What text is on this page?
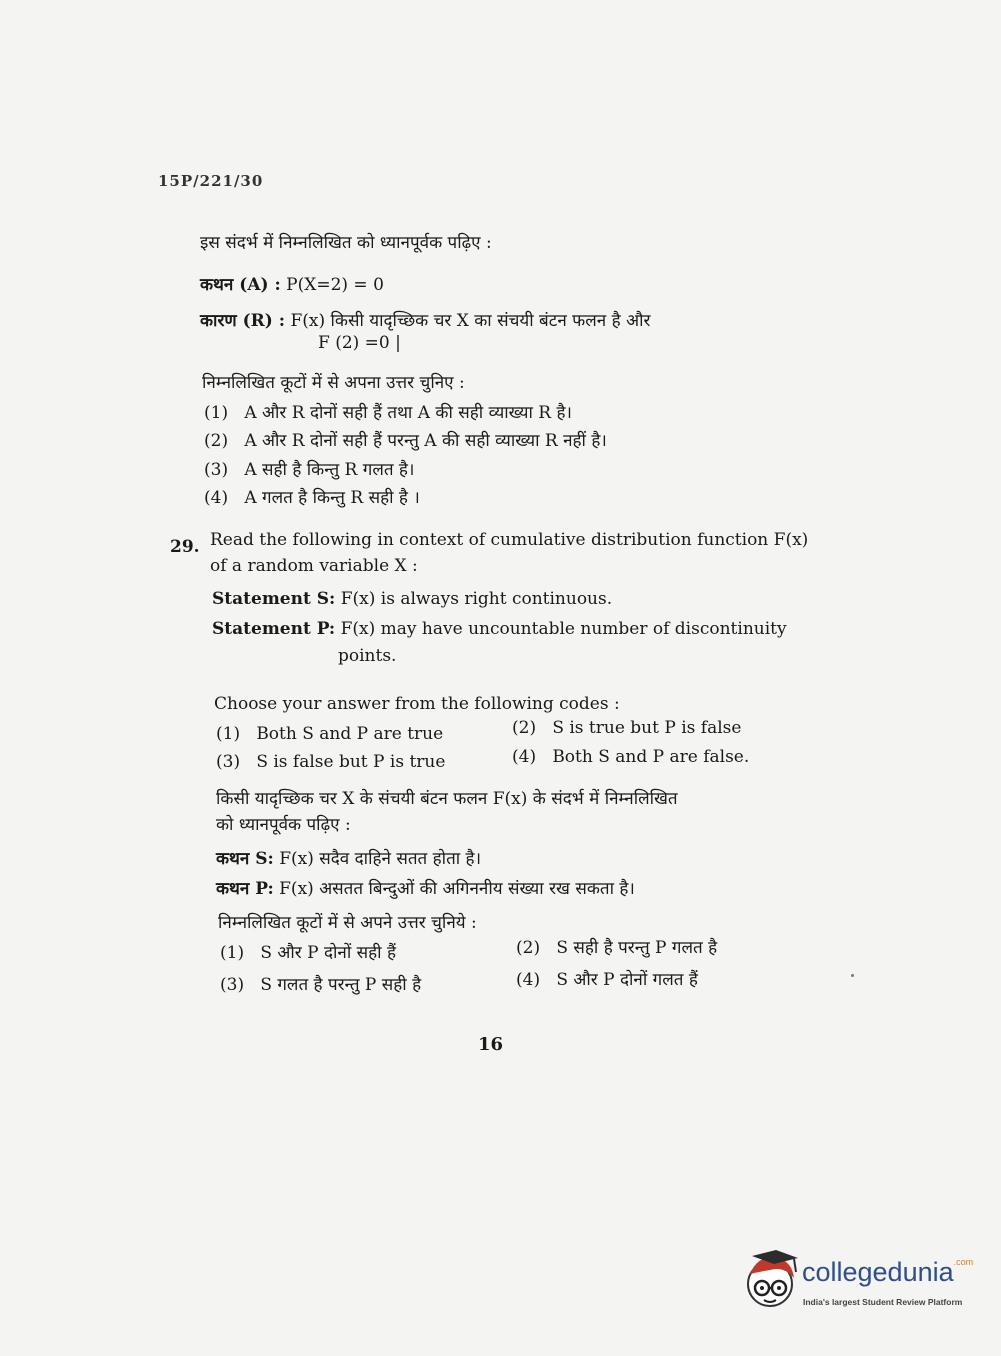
15P/221/30
इस संदर्भ में निम्नलिखित को ध्यानपूर्वक पढ़िए :
कथन (A) : P(X=2) = 0
कारण (R) : F(x) किसी यादृच्छिक चर X का संचयी बंटन फलन है और
F (2) =0 |
निम्नलिखित कूटों में से अपना उत्तर चुनिए :
(1) A और R दोनों सही हैं तथा A की सही व्याख्या R है।
(2) A और R दोनों सही हैं परन्तु A की सही व्याख्या R नहीं है।
(3) A सही है किन्तु R गलत है।
(4) A गलत है किन्तु R सही है ।
29. Read the following in context of cumulative distribution function F(x)
of a random variable X :
Statement S: F(x) is always right continuous.
Statement P: F(x) may have uncountable number of discontinuity
points.
Choose your answer from the following codes :
(1) Both S and P are true	(2) S is true but P is false
(3) S is false but P is true	(4) Both S and P are false.
किसी यादृच्छिक चर X के संचयी बंटन फलन F(x) के संदर्भ में निम्नलिखित
को ध्यानपूर्वक पढ़िए :
कथन S: F(x) सदैव दाहिने सतत होता है।
कथन P: F(x) असतत बिन्दुओं की अगिननीय संख्या रख सकता है।
निम्नलिखित कूटों में से अपने उत्तर चुनिये :
(1) S और P दोनों सही हैं	(2) S सही है परन्तु P गलत है
(3) S गलत है परन्तु P सही है	(4) S और P दोनों गलत हैं
16
collegedunia$^{.com}$
India's largest Student Review Platform
